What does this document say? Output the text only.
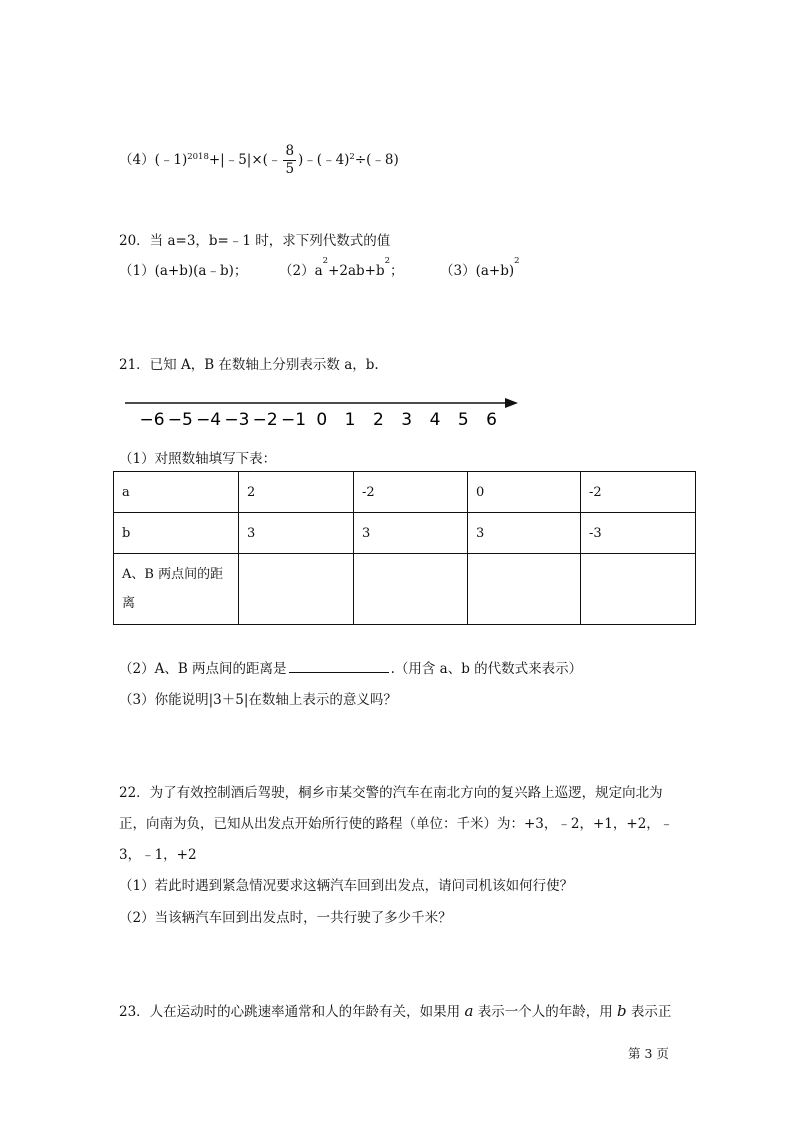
（4）(﹣1)$^{2018}$+|﹣5|×(﹣ $\frac{8}{5}$ )﹣(﹣4)$^2$÷(﹣8)
20．当 a=3，b=﹣1 时，求下列代数式的值
（1）(a+b)(a﹣b)； $(2)a^2+2ab+b^2$；	$(3)(a+b)^2$
21．已知 A，B 在数轴上分别表示数 a，b.
−6 −5 −4 −3 −2 −1 0 1 2 3 4 5 6
（1）对照数轴填写下表：
a	2	-2	0	-2
b	3	3	3	-3
A、B 两点间的距
离				
（2）A、B 两点间的距离是	.（用含 a、b 的代数式来表示）
（3）你能说明|3＋5|在数轴上表示的意义吗？
22．为了有效控制酒后驾驶，桐乡市某交警的汽车在南北方向的复兴路上巡逻，规定向北为
正，向南为负，已知从出发点开始所行使的路程（单位：千米）为：+3，﹣2，+1，+2，﹣
3，﹣1，+2
（1）若此时遇到紧急情况要求这辆汽车回到出发点，请问司机该如何行使？
（2）当该辆汽车回到出发点时，一共行驶了多少千米？
23．人在运动时的心跳速率通常和人的年龄有关，如果用 a 表示一个人的年龄，用 b 表示正
第 3 页
